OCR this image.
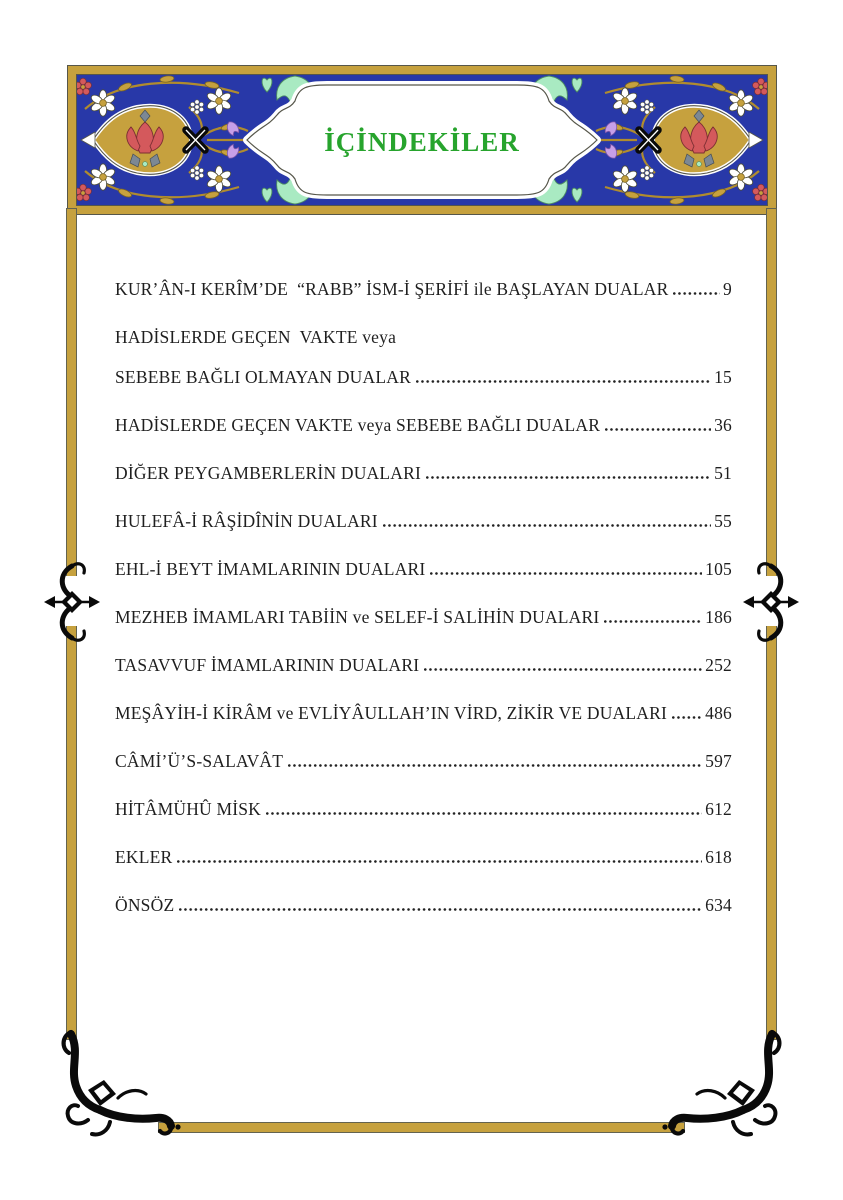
İÇİNDEKİLER
KUR’ÂN-I KERÎM’DE  “RABB” İSM-İ ŞERİFİ ile BAŞLAYAN DUALAR	9
HADİSLERDE GEÇEN  VAKTE veya
SEBEBE BAĞLI OLMAYAN DUALAR	15
HADİSLERDE GEÇEN VAKTE veya SEBEBE BAĞLI DUALAR	36
DİĞER PEYGAMBERLERİN DUALARI	51
HULEFÂ-İ RÂŞİDÎNİN DUALARI	55
EHL-İ BEYT İMAMLARININ DUALARI	105
MEZHEB İMAMLARI TABİİN ve SELEF-İ SALİHİN DUALARI	186
TASAVVUF İMAMLARININ DUALARI	252
MEŞÂYİH-İ KİRÂM ve EVLİYÂULLAH’IN VİRD, ZİKİR VE DUALARI 486
CÂMİ’Ü’S-SALAVÂT	597
HİTÂMÜHÛ MİSK	612
EKLER	618
ÖNSÖZ	634
